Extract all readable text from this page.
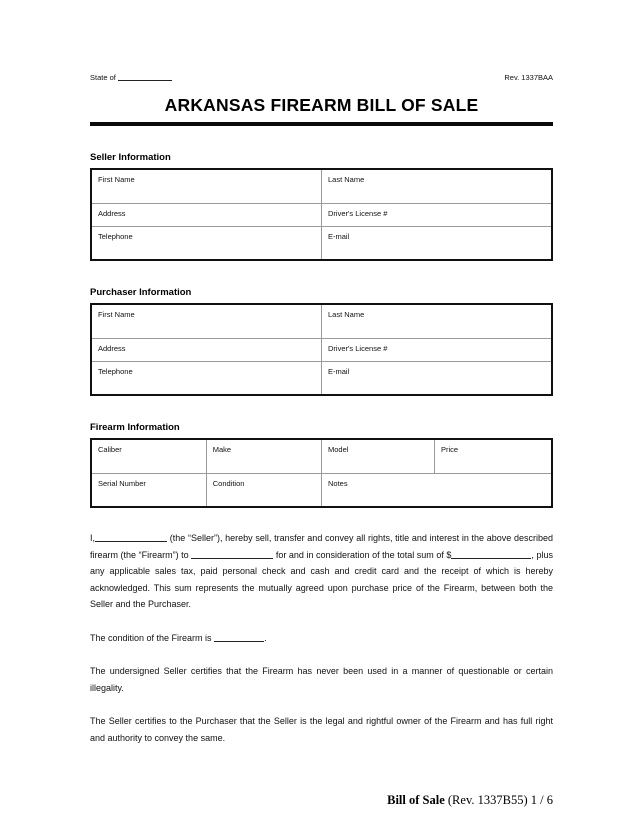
State of	Rev. 1337BAA
ARKANSAS FIREARM BILL OF SALE
Seller Information
First Name	Last Name
Address	Driver's License #
Telephone	E-mail
Purchaser Information
First Name	Last Name
Address	Driver's License #
Telephone	E-mail
Firearm Information
Caliber	Make	Model	Price
Serial Number	Condition	Notes	

I,	(the “Seller”), hereby sell, transfer and convey all rights, title and interest in the above described firearm (the “Firearm”) to	for and in consideration of the total sum of $	, plus any applicable sales tax, paid personal check and cash and credit card and the receipt of which is hereby acknowledged. This sum represents the mutually agreed upon purchase price of the Firearm, between both the Seller and the Purchaser.

The condition of the Firearm is	.

The undersigned Seller certifies that the Firearm has never been used in a manner of questionable or certain illegality.

The Seller certifies to the Purchaser that the Seller is the legal and rightful owner of the Firearm and has full right and authority to convey the same.

Bill of Sale (Rev. 1337B55) 1 / 6
